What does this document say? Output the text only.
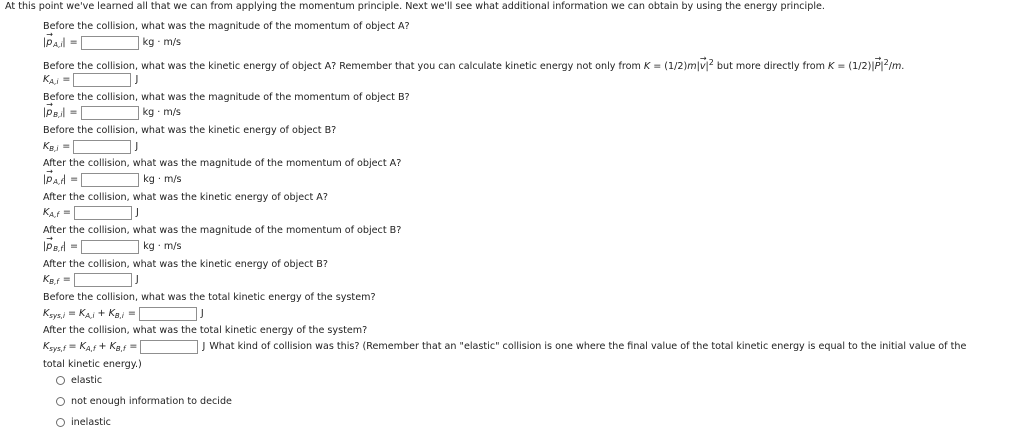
At this point we've learned all that we can from applying the momentum principle. Next we'll see what additional information we can obtain by using the energy principle.
Before the collision, what was the magnitude of the momentum of object A?
|→ p $_{A,i}$| =	kg · m/s
Before the collision, what was the kinetic energy of object A? Remember that you can calculate kinetic energy not only from $K = (1/2)m|\to v|^2$ but more directly from $K = (1/2)|\to P|^2/m$.
$K_{A,i}$ =	J
Before the collision, what was the magnitude of the momentum of object B?
|→ p $_{B,i}$| =	kg · m/s
Before the collision, what was the kinetic energy of object B?
$K_{B,i}$ =	J
After the collision, what was the magnitude of the momentum of object A?
|→ p $_{A,f}$| =	kg · m/s
After the collision, what was the kinetic energy of object A?
$K_{A,f}$ =	J
After the collision, what was the magnitude of the momentum of object B?
|→ p $_{B,f}$| =	kg · m/s
After the collision, what was the kinetic energy of object B?
$K_{B,f}$ =	J
Before the collision, what was the total kinetic energy of the system?
$K_{sys,i} = K_{A,i} + K_{B,i}$ =	J
After the collision, what was the total kinetic energy of the system?
$K_{sys,f} = K_{A,f} + K_{B,f}$ =	J What kind of collision was this? (Remember that an "elastic" collision is one where the final value of the total kinetic energy is equal to the initial value of the
total kinetic energy.)
elastic
not enough information to decide
inelastic
